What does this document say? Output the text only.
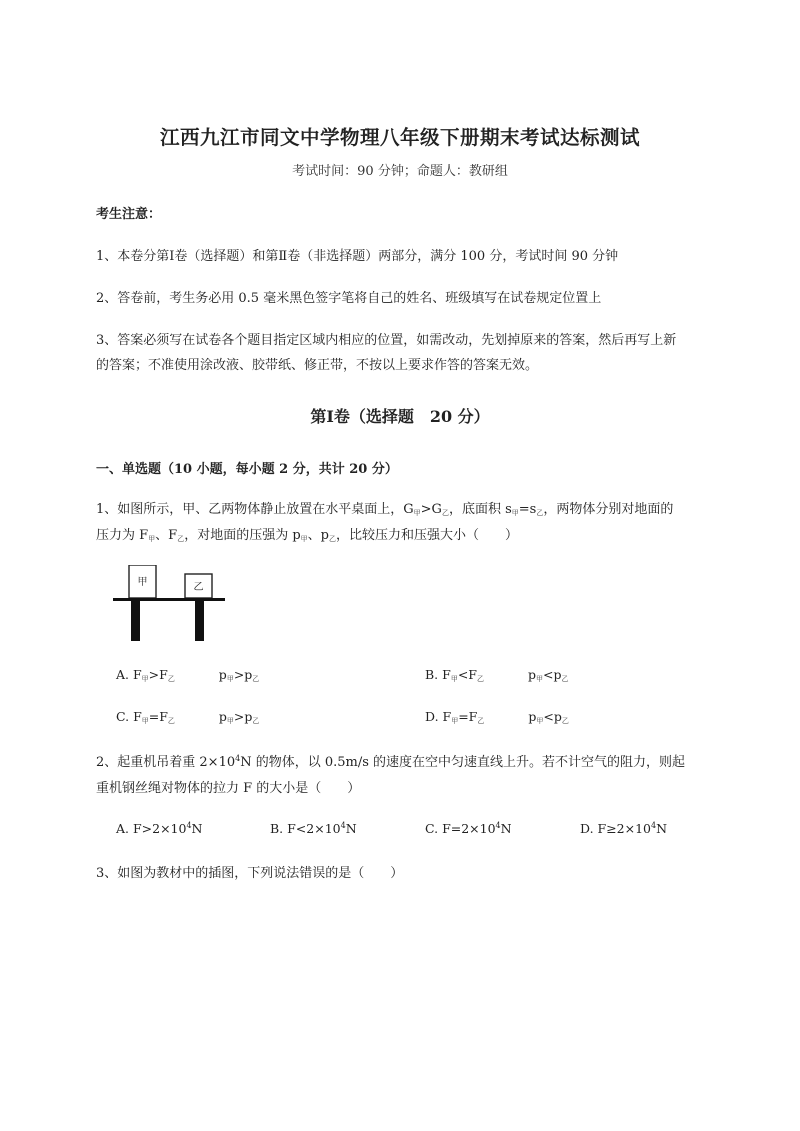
江西九江市同文中学物理八年级下册期末考试达标测试
考试时间：90 分钟；命题人：教研组
考生注意：
1、本卷分第Ⅰ卷（选择题）和第Ⅱ卷（非选择题）两部分，满分 100 分，考试时间 90 分钟
2、答卷前，考生务必用 0.5 毫米黑色签字笔将自己的姓名、班级填写在试卷规定位置上
3、答案必须写在试卷各个题目指定区域内相应的位置，如需改动，先划掉原来的答案，然后再写上新
的答案；不准使用涂改液、胶带纸、修正带，不按以上要求作答的答案无效。
第Ⅰ卷（选择题　20 分）
一、单选题（10 小题，每小题 2 分，共计 20 分）
1、如图所示，甲、乙两物体静止放置在水平桌面上，$G_甲>G_乙$，底面积 $s_甲=s_乙$，两物体分别对地面的
压力为 $F_甲$、$F_乙$，对地面的压强为 $p_甲$、$p_乙$，比较压力和压强大小（　　）
甲	乙
A. $F_甲>F_乙$	$p_甲>p_乙$	B. $F_甲<F_乙$	$p_甲<p_乙$
C. $F_甲=F_乙$	$p_甲>p_乙$	D. $F_甲=F_乙$	$p_甲<p_乙$
2、起重机吊着重 $2\times 10^4N$ 的物体，以 0.5m/s 的速度在空中匀速直线上升。若不计空气的阻力，则起
重机钢丝绳对物体的拉力 F 的大小是（　　）
A. $F>2\times 10^4N$	B. $F<2\times 10^4N$	C. $F=2\times 10^4N$	D. $F\ge 2\times 10^4N$
3、如图为教材中的插图，下列说法错误的是（　　）
